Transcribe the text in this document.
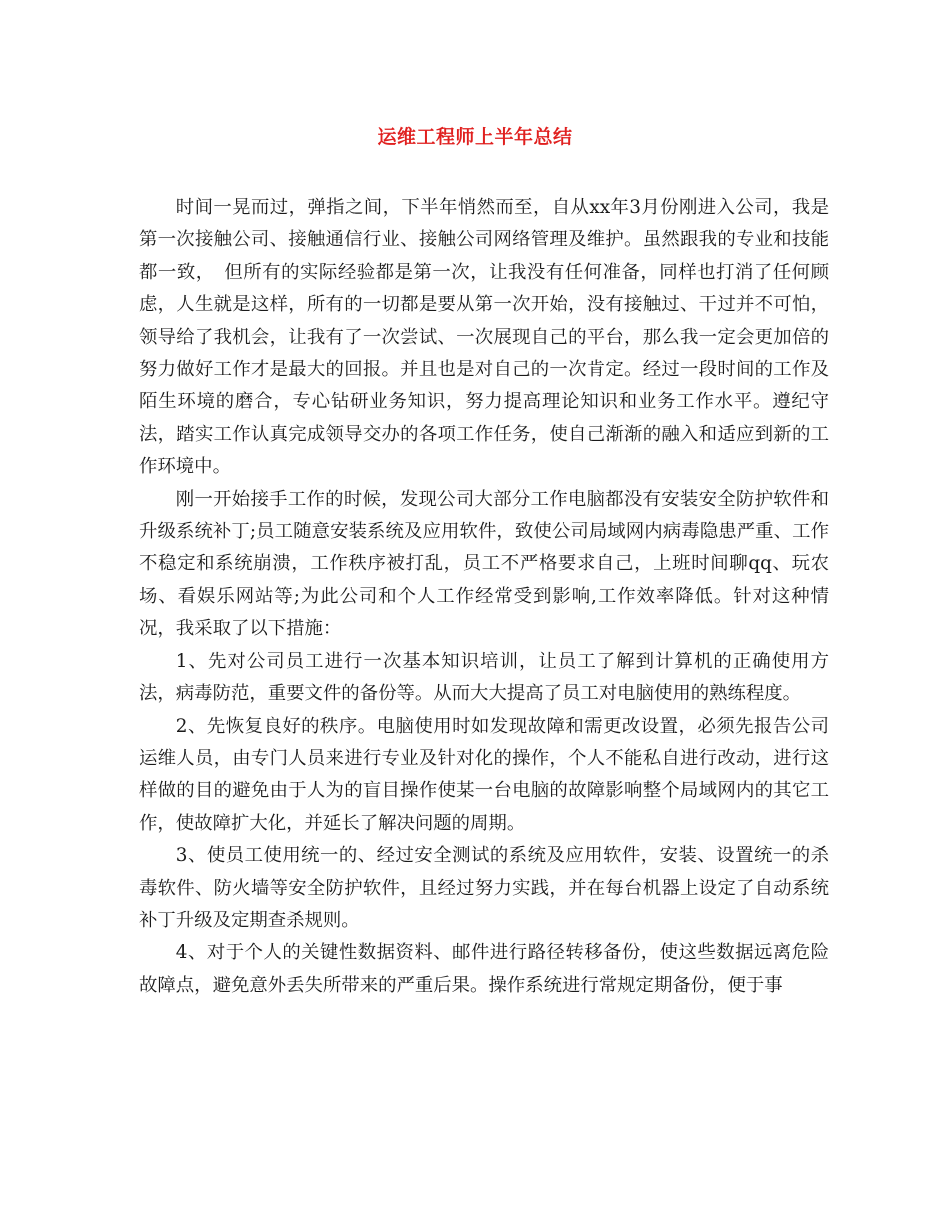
运维工程师上半年总结

时间一晃而过，弹指之间，下半年悄然而至，自从xx年3月份刚进入公司，我是第一次接触公司、接触通信行业、接触公司网络管理及维护。虽然跟我的专业和技能都一致，　但所有的实际经验都是第一次，让我没有任何准备，同样也打消了任何顾虑，人生就是这样，所有的一切都是要从第一次开始，没有接触过、干过并不可怕，领导给了我机会，让我有了一次尝试、一次展现自己的平台，那么我一定会更加倍的努力做好工作才是最大的回报。并且也是对自己的一次肯定。经过一段时间的工作及陌生环境的磨合，专心钻研业务知识，努力提高理论知识和业务工作水平。遵纪守法，踏实工作认真完成领导交办的各项工作任务，使自己渐渐的融入和适应到新的工作环境中。

刚一开始接手工作的时候，发现公司大部分工作电脑都没有安装安全防护软件和升级系统补丁;员工随意安装系统及应用软件，致使公司局域网内病毒隐患严重、工作不稳定和系统崩溃，工作秩序被打乱，员工不严格要求自己，上班时间聊qq、玩农场、看娱乐网站等;为此公司和个人工作经常受到影响,工作效率降低。针对这种情况，我采取了以下措施：

1、先对公司员工进行一次基本知识培训，让员工了解到计算机的正确使用方法，病毒防范，重要文件的备份等。从而大大提高了员工对电脑使用的熟练程度。

2、先恢复良好的秩序。电脑使用时如发现故障和需更改设置，必须先报告公司运维人员，由专门人员来进行专业及针对化的操作，个人不能私自进行改动，进行这样做的目的避免由于人为的盲目操作使某一台电脑的故障影响整个局域网内的其它工作，使故障扩大化，并延长了解决问题的周期。

3、使员工使用统一的、经过安全测试的系统及应用软件，安装、设置统一的杀毒软件、防火墙等安全防护软件，且经过努力实践，并在每台机器上设定了自动系统补丁升级及定期查杀规则。

4、对于个人的关键性数据资料、邮件进行路径转移备份，使这些数据远离危险故障点，避免意外丢失所带来的严重后果。操作系统进行常规定期备份，便于事
